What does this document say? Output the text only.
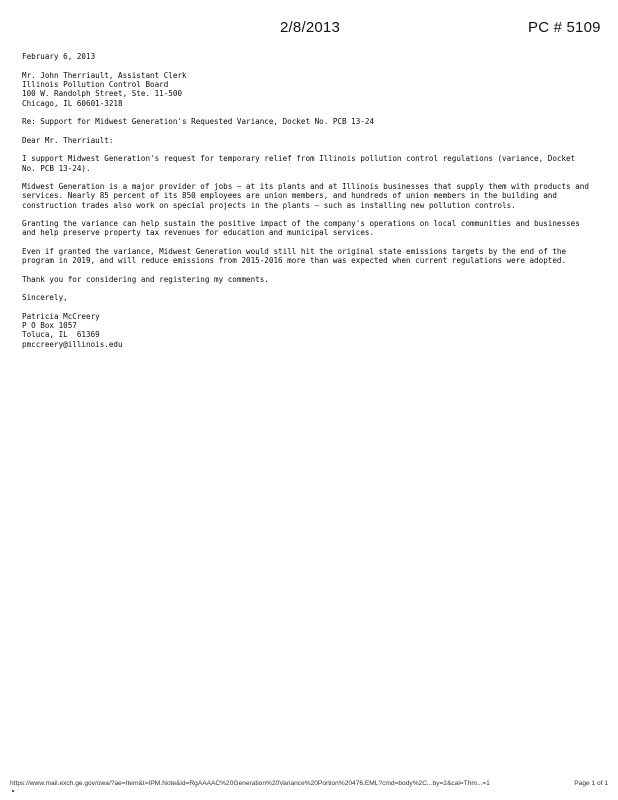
2/8/2013	PC # 5109

February 6, 2013

Mr. John Therriault, Assistant Clerk

Illinois Pollution Control Board

100 W. Randolph Street, Ste. 11-500

Chicago, IL 60601-3218

Re: Support for Midwest Generation's Requested Variance, Docket No. PCB 13-24

Dear Mr. Therriault:

I support Midwest Generation's request for temporary relief from Illinois pollution control regulations (variance, Docket No. PCB 13-24).

Midwest Generation is a major provider of jobs – at its plants and at Illinois businesses that supply them with products and services. Nearly 85 percent of its 850 employees are union members, and hundreds of union members in the building and construction trades also work on special projects in the plants – such as installing new pollution controls.

Granting the variance can help sustain the positive impact of the company's operations on local communities and businesses and help preserve property tax revenues for education and municipal services.

Even if granted the variance, Midwest Generation would still hit the original state emissions targets by the end of the program in 2019, and will reduce emissions from 2015-2016 more than was expected when current regulations were adopted.

Thank you for considering and registering my comments.

Sincerely,

Patricia McCreery

P O Box 1057

Toluca, IL  61369

pmccreery@illinois.edu

https://www.mail.exch.ge.gov/owa/?ae=Item&t=IPM.Note&id=RgAAAAC%20Generation%20Variance%20Portion%20476.EML?cmd=body%2C...by=2&cal=Thm...=1	Page 1 of 1
